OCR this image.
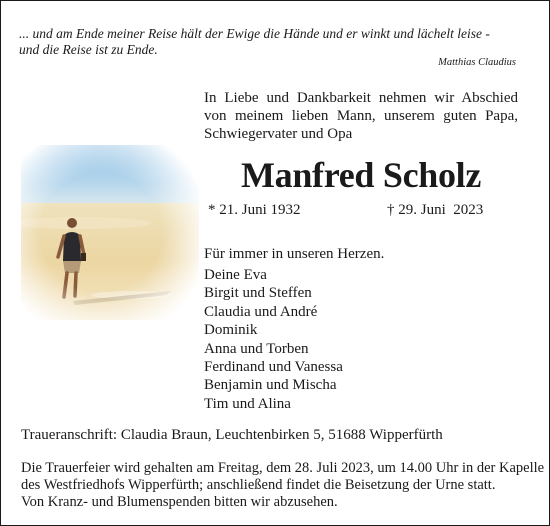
... und am Ende meiner Reise hält der Ewige die Hände und er winkt und lächelt leise -
und die Reise ist zu Ende.
Matthias Claudius
In Liebe und Dankbarkeit nehmen wir Abschied
von meinem lieben Mann, unserem guten Papa,
Schwiegervater und Opa
Manfred Scholz
* 21. Juni 1932	† 29. Juni  2023
Für immer in unseren Herzen.
Deine Eva
Birgit und Steffen
Claudia und André
Dominik
Anna und Torben
Ferdinand und Vanessa
Benjamin und Mischa
Tim und Alina
Traueranschrift: Claudia Braun, Leuchtenbirken 5, 51688 Wipperfürth
Die Trauerfeier wird gehalten am Freitag, dem 28. Juli 2023, um 14.00 Uhr in der Kapelle
des Westfriedhofs Wipperfürth; anschließend findet die Beisetzung der Urne statt.
Von Kranz- und Blumenspenden bitten wir abzusehen.
